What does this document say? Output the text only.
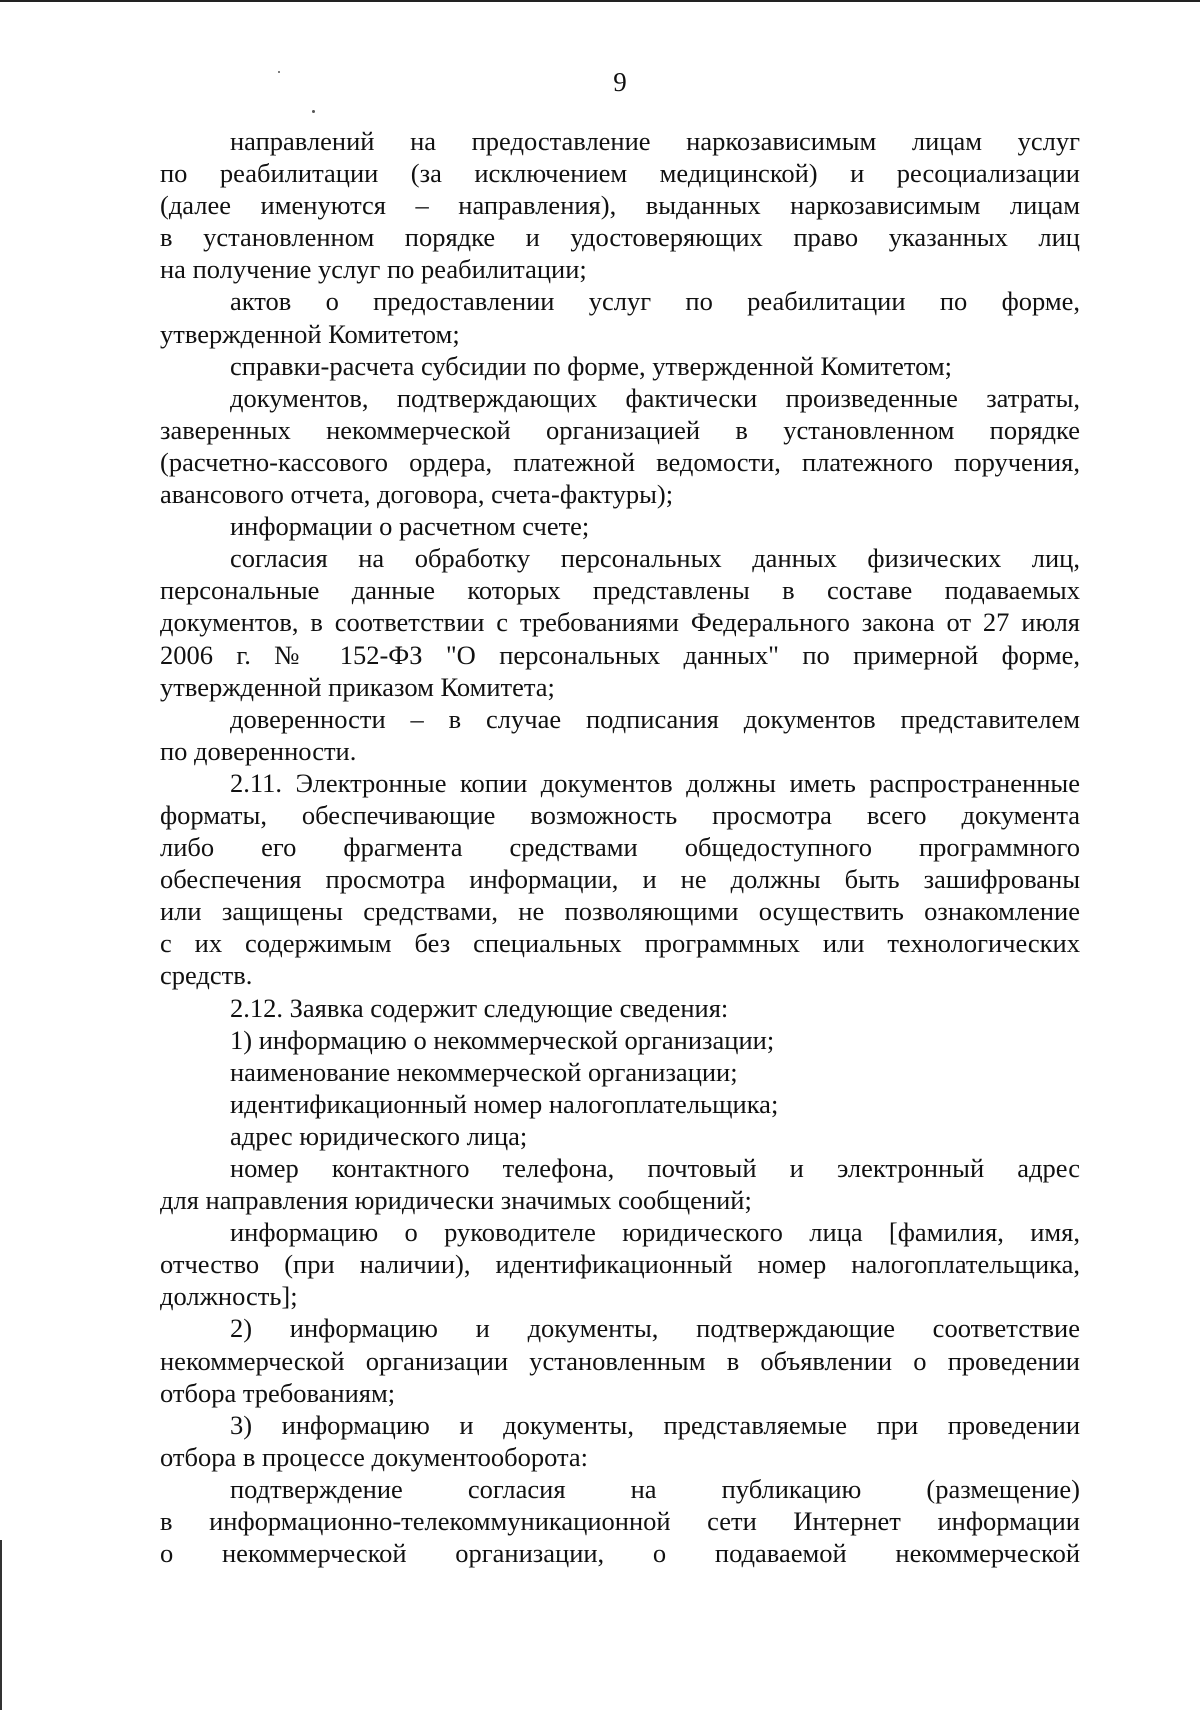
9
направлений на предоставление наркозависимым лицам услуг
по реабилитации (за исключением медицинской) и ресоциализации
(далее именуются – направления), выданных наркозависимым лицам
в установленном порядке и удостоверяющих право указанных лиц
на получение услуг по реабилитации;
актов о предоставлении услуг по реабилитации по форме,
утвержденной Комитетом;
справки-расчета субсидии по форме, утвержденной Комитетом;
документов, подтверждающих фактически произведенные затраты,
заверенных некоммерческой организацией в установленном порядке
(расчетно-кассового ордера, платежной ведомости, платежного поручения,
авансового отчета, договора, счета-фактуры);
информации о расчетном счете;
согласия на обработку персональных данных физических лиц,
персональные данные которых представлены в составе подаваемых
документов, в соответствии с требованиями Федерального закона от 27 июля
2006 г. № 152-ФЗ "О персональных данных" по примерной форме,
утвержденной приказом Комитета;
доверенности – в случае подписания документов представителем
по доверенности.
2.11. Электронные копии документов должны иметь распространенные
форматы, обеспечивающие возможность просмотра всего документа
либо его фрагмента средствами общедоступного программного
обеспечения просмотра информации, и не должны быть зашифрованы
или защищены средствами, не позволяющими осуществить ознакомление
с их содержимым без специальных программных или технологических
средств.
2.12. Заявка содержит следующие сведения:
1) информацию о некоммерческой организации;
наименование некоммерческой организации;
идентификационный номер налогоплательщика;
адрес юридического лица;
номер контактного телефона, почтовый и электронный адрес
для направления юридически значимых сообщений;
информацию о руководителе юридического лица [фамилия, имя,
отчество (при наличии), идентификационный номер налогоплательщика,
должность];
2) информацию и документы, подтверждающие соответствие
некоммерческой организации установленным в объявлении о проведении
отбора требованиям;
3) информацию и документы, представляемые при проведении
отбора в процессе документооборота:
подтверждение согласия на публикацию (размещение)
в информационно-телекоммуникационной сети Интернет информации
о некоммерческой организации, о подаваемой некоммерческой
